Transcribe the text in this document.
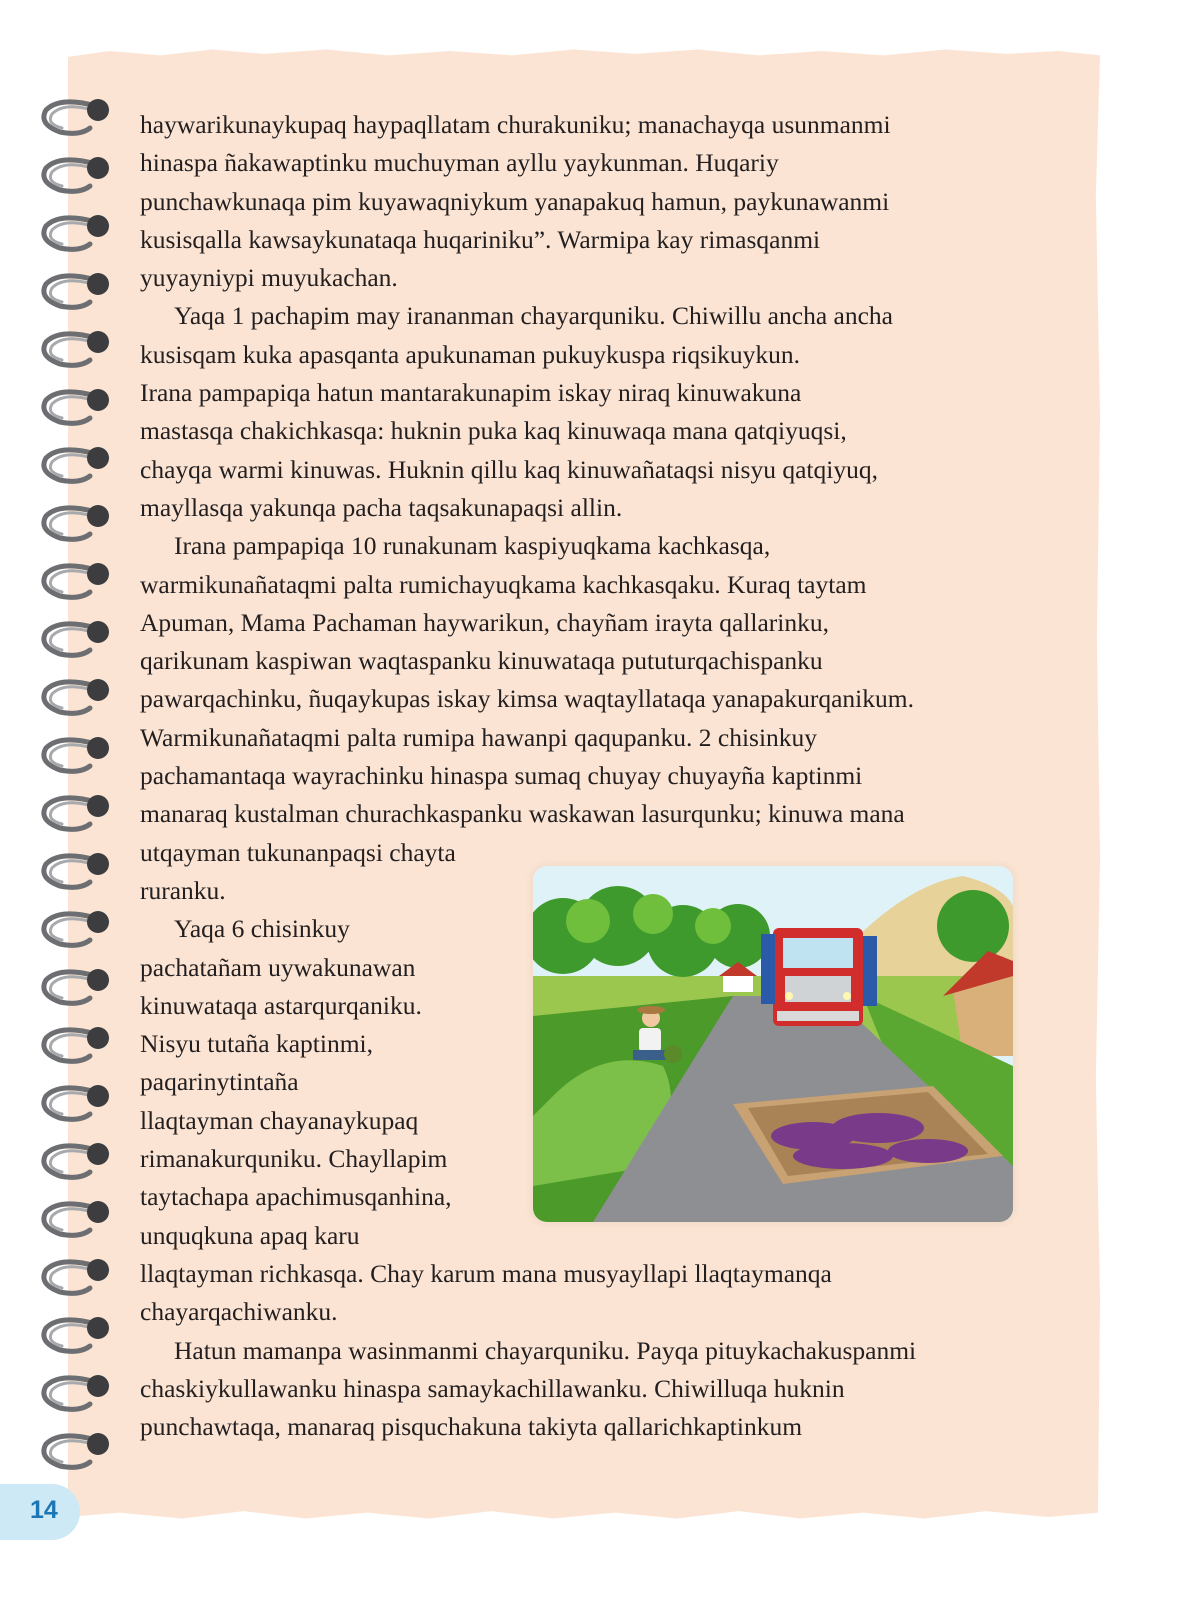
haywarikunaykupaq haypaqllatam churakuniku; manachayqa usunmanmi

hinaspa ñakawaptinku muchuyman ayllu yaykunman. Huqariy

punchawkunaqa pim kuyawaqniykum yanapakuq hamun, paykunawanmi

kusisqalla kawsaykunataqa huqariniku”. Warmipa kay rimasqanmi

yuyayniypi muyukachan.

Yaqa 1 pachapim may irananman chayarquniku. Chiwillu ancha ancha

kusisqam kuka apasqanta apukunaman pukuykuspa riqsikuykun.

Irana pampapiqa hatun mantarakunapim iskay niraq kinuwakuna

mastasqa chakichkasqa: huknin puka kaq kinuwaqa mana qatqiyuqsi,

chayqa warmi kinuwas. Huknin qillu kaq kinuwañataqsi nisyu qatqiyuq,

mayllasqa yakunqa pacha taqsakunapaqsi allin.

Irana pampapiqa 10 runakunam kaspiyuqkama kachkasqa,

warmikunañataqmi palta rumichayuqkama kachkasqaku. Kuraq taytam

Apuman, Mama Pachaman haywarikun, chayñam irayta qallarinku,

qarikunam kaspiwan waqtaspanku kinuwataqa pututurqachispanku

pawarqachinku, ñuqaykupas iskay kimsa waqtayllataqa yanapakurqanikum.

Warmikunañataqmi palta rumipa hawanpi qaqupanku. 2 chisinkuy

pachamantaqa wayrachinku hinaspa sumaq chuyay chuyayña kaptinmi

manaraq kustalman churachkaspanku waskawan lasurqunku; kinuwa mana

utqayman tukunanpaqsi chayta

ruranku.

Yaqa 6 chisinkuy

pachatañam uywakunawan

kinuwataqa astarqurqaniku.

Nisyu tutaña kaptinmi,

paqarinytintaña

llaqtayman chayanaykupaq

rimanakurquniku. Chayllapim

taytachapa apachimusqanhina,

unquqkuna apaq karu

llaqtayman richkasqa. Chay karum mana musyayllapi llaqtaymanqa

chayarqachiwanku.

Hatun mamanpa wasinmanmi chayarquniku. Payqa pituykachakuspanmi

chaskiykullawanku hinaspa samaykachillawanku. Chiwilluqa huknin

punchawtaqa, manaraq pisquchakuna takiyta qallarichkaptinkum

14
